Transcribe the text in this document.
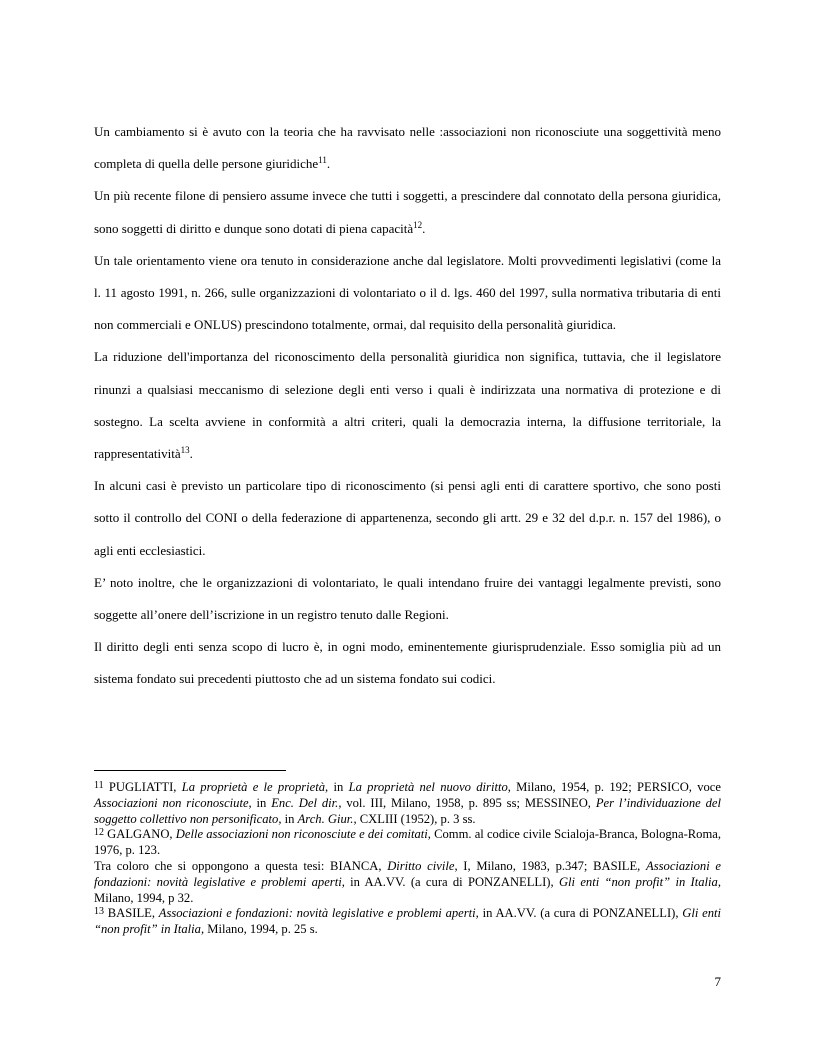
Un cambiamento si è avuto con la teoria che ha ravvisato nelle :associazioni non riconosciute una soggettività meno completa di quella delle persone giuridiche$^{11}$.

Un più recente filone di pensiero assume invece che tutti i soggetti, a prescindere dal connotato della persona giuridica, sono soggetti di diritto e dunque sono dotati di piena capacità$^{12}$.

Un tale orientamento viene ora tenuto in considerazione anche dal legislatore. Molti provvedimenti legislativi (come la l. 11 agosto 1991, n. 266, sulle organizzazioni di volontariato o il d. lgs. 460 del 1997, sulla normativa tributaria di enti non commerciali e ONLUS) prescindono totalmente, ormai, dal requisito della personalità giuridica.

La riduzione dell'importanza del riconoscimento della personalità giuridica non significa, tuttavia, che il legislatore rinunzi a qualsiasi meccanismo di selezione degli enti verso i quali è indirizzata una normativa di protezione e di sostegno. La scelta avviene in conformità a altri criteri, quali la democrazia interna, la diffusione territoriale, la rappresentatività$^{13}$.

In alcuni casi è previsto un particolare tipo di riconoscimento (si pensi agli enti di carattere sportivo, che sono posti sotto il controllo del CONI o della federazione di appartenenza, secondo gli artt. 29 e 32 del d.p.r. n. 157 del 1986), o agli enti ecclesiastici.

E’ noto inoltre, che le organizzazioni di volontariato, le quali intendano fruire dei vantaggi legalmente previsti, sono soggette all’onere dell’iscrizione in un registro tenuto dalle Regioni.

Il diritto degli enti senza scopo di lucro è, in ogni modo, eminentemente giurisprudenziale. Esso somiglia più ad un sistema fondato sui precedenti piuttosto che ad un sistema fondato sui codici.

$^{11}$ PUGLIATTI, La proprietà e le proprietà, in La proprietà nel nuovo diritto, Milano, 1954, p. 192; PERSICO, voce Associazioni non riconosciute, in Enc. Del dir., vol. III, Milano, 1958, p. 895 ss; MESSINEO, Per l’individuazione del soggetto collettivo non personificato, in Arch. Giur., CXLIII (1952), p. 3 ss.

$^{12}$ GALGANO, Delle associazioni non riconosciute e dei comitati, Comm. al codice civile Scialoja-Branca, Bologna-Roma, 1976, p. 123.

Tra coloro che si oppongono a questa tesi: BIANCA, Diritto civile, I, Milano, 1983, p.347; BASILE, Associazioni e fondazioni: novità legislative e problemi aperti, in AA.VV. (a cura di PONZANELLI), Gli enti “non profit” in Italia, Milano, 1994, p 32.

$^{13}$ BASILE, Associazioni e fondazioni: novità legislative e problemi aperti, in AA.VV. (a cura di PONZANELLI), Gli enti “non profit” in Italia, Milano, 1994, p. 25 s.

7
